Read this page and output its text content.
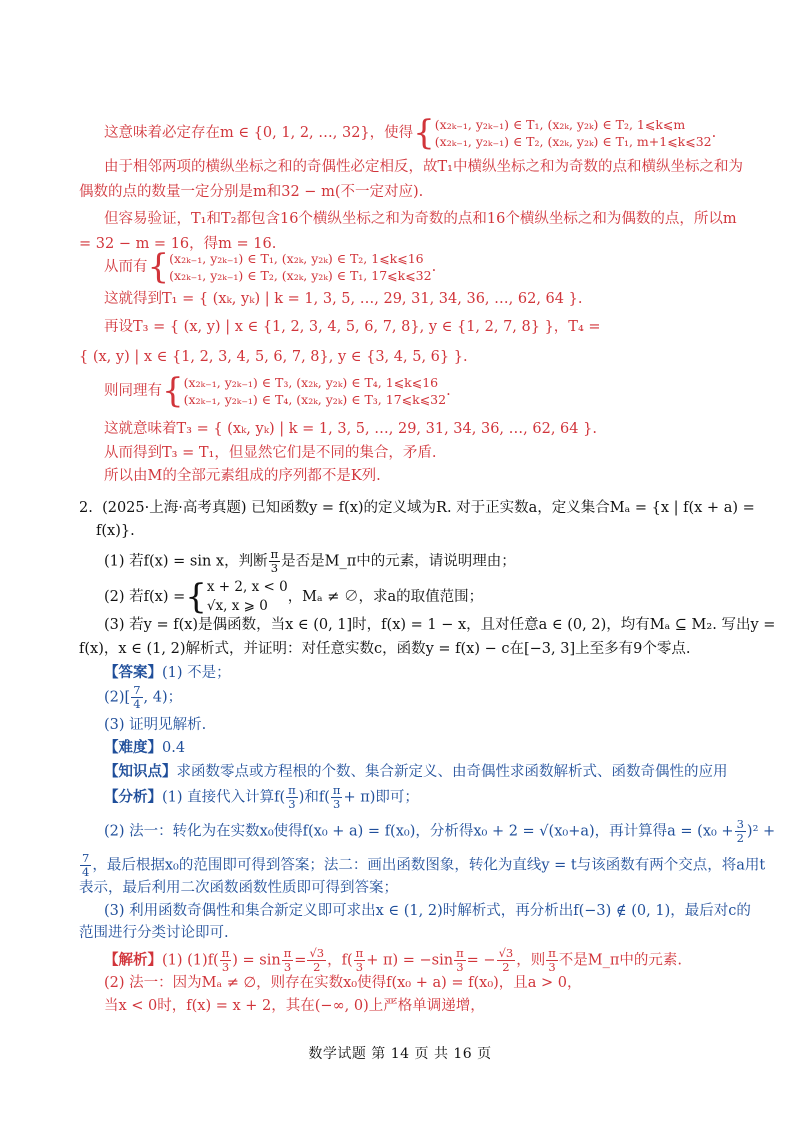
这意味着必定存在m ∈ {0, 1, 2, …, 32}，使得{ (x₂ₖ₋₁, y₂ₖ₋₁) ∈ T₁, (x₂ₖ, y₂ₖ) ∈ T₂, 1⩽k⩽m
(x₂ₖ₋₁, y₂ₖ₋₁) ∈ T₂, (x₂ₖ, y₂ₖ) ∈ T₁, m+1⩽k⩽32
.
由于相邻两项的横纵坐标之和的奇偶性必定相反，故T₁中横纵坐标之和为奇数的点和横纵坐标之和为
偶数的点的数量一定分别是m和32 − m(不一定对应).
但容易验证，T₁和T₂都包含16个横纵坐标之和为奇数的点和16个横纵坐标之和为偶数的点，所以m
= 32 − m = 16，得m = 16.
从而有{ (x₂ₖ₋₁, y₂ₖ₋₁) ∈ T₁, (x₂ₖ, y₂ₖ) ∈ T₂, 1⩽k⩽16
(x₂ₖ₋₁, y₂ₖ₋₁) ∈ T₂, (x₂ₖ, y₂ₖ) ∈ T₁, 17⩽k⩽32
.
这就得到T₁ = { (xₖ, yₖ) | k = 1, 3, 5, …, 29, 31, 34, 36, …, 62, 64 }.
再设T₃ = { (x, y) | x ∈ {1, 2, 3, 4, 5, 6, 7, 8}, y ∈ {1, 2, 7, 8} }，T₄ =
{ (x, y) | x ∈ {1, 2, 3, 4, 5, 6, 7, 8}, y ∈ {3, 4, 5, 6} }.
则同理有{ (x₂ₖ₋₁, y₂ₖ₋₁) ∈ T₃, (x₂ₖ, y₂ₖ) ∈ T₄, 1⩽k⩽16
(x₂ₖ₋₁, y₂ₖ₋₁) ∈ T₄, (x₂ₖ, y₂ₖ) ∈ T₃, 17⩽k⩽32
.
这就意味着T₃ = { (xₖ, yₖ) | k = 1, 3, 5, …, 29, 31, 34, 36, …, 62, 64 }.
从而得到T₃ = T₁，但显然它们是不同的集合，矛盾.
所以由M的全部元素组成的序列都不是K列.
2. (2025·上海·高考真题) 已知函数y = f(x)的定义域为R. 对于正实数a，定义集合Mₐ = {x | f(x + a) =
f(x)}.
(1) 若f(x) = sin x，判断 $\frac{\pi}{3}$ 是否是M_π中的元素，请说明理由；
(2) 若f(x) ={ x + 2, x < 0
√x, x ⩾ 0
，Mₐ ≠ ∅，求a的取值范围；
(3) 若y = f(x)是偶函数，当x ∈ (0, 1]时，f(x) = 1 − x，且对任意a ∈ (0, 2)，均有Mₐ ⊆ M₂. 写出y =
f(x)，x ∈ (1, 2)解析式，并证明：对任意实数c，函数y = f(x) − c在[−3, 3]上至多有9个零点.
【答案】(1) 不是；
$(2)[ \frac{7}{4}$ , 4)；
(3) 证明见解析.
【难度】0.4
【知识点】求函数零点或方程根的个数、集合新定义、由奇偶性求函数解析式、函数奇偶性的应用
【分析】(1) 直接代入计算$f( \frac{\pi}{3}$ )和$f( \frac{\pi}{3} + \pi)$即可；
(2) 法一：转化为在实数x₀使得f(x₀ + a) = f(x₀)，分析得x₀ + 2 = √(x₀+a)，再计算得$a = (x_0 + \frac{3}{2} )^2$ +
$\frac{7}{4}$ ，最后根据x₀的范围即可得到答案；法二：画出函数图象，转化为直线y = t与该函数有两个交点，将a用t
表示，最后利用二次函数函数性质即可得到答案；
(3) 利用函数奇偶性和集合新定义即可求出x ∈ (1, 2)时解析式，再分析出f(−3) ∉ (0, 1)，最后对c的
范围进行分类讨论即可.
【解析】(1) $(1)f( \frac{\pi}{3}$ ) = $\sin \frac{\pi}{3} = \frac{√3}{2}$ ，$f( \frac{\pi}{3} + \pi) = -\sin \frac{\pi}{3}$ = − $\frac{√3}{2}$ ，则 $\frac{\pi}{3}$ 不是M_π中的元素.
(2) 法一：因为Mₐ ≠ ∅，则存在实数x₀使得f(x₀ + a) = f(x₀)，且a > 0，
当x < 0时，f(x) = x + 2，其在(−∞, 0)上严格单调递增，
数学试题 第 14 页 共 16 页
